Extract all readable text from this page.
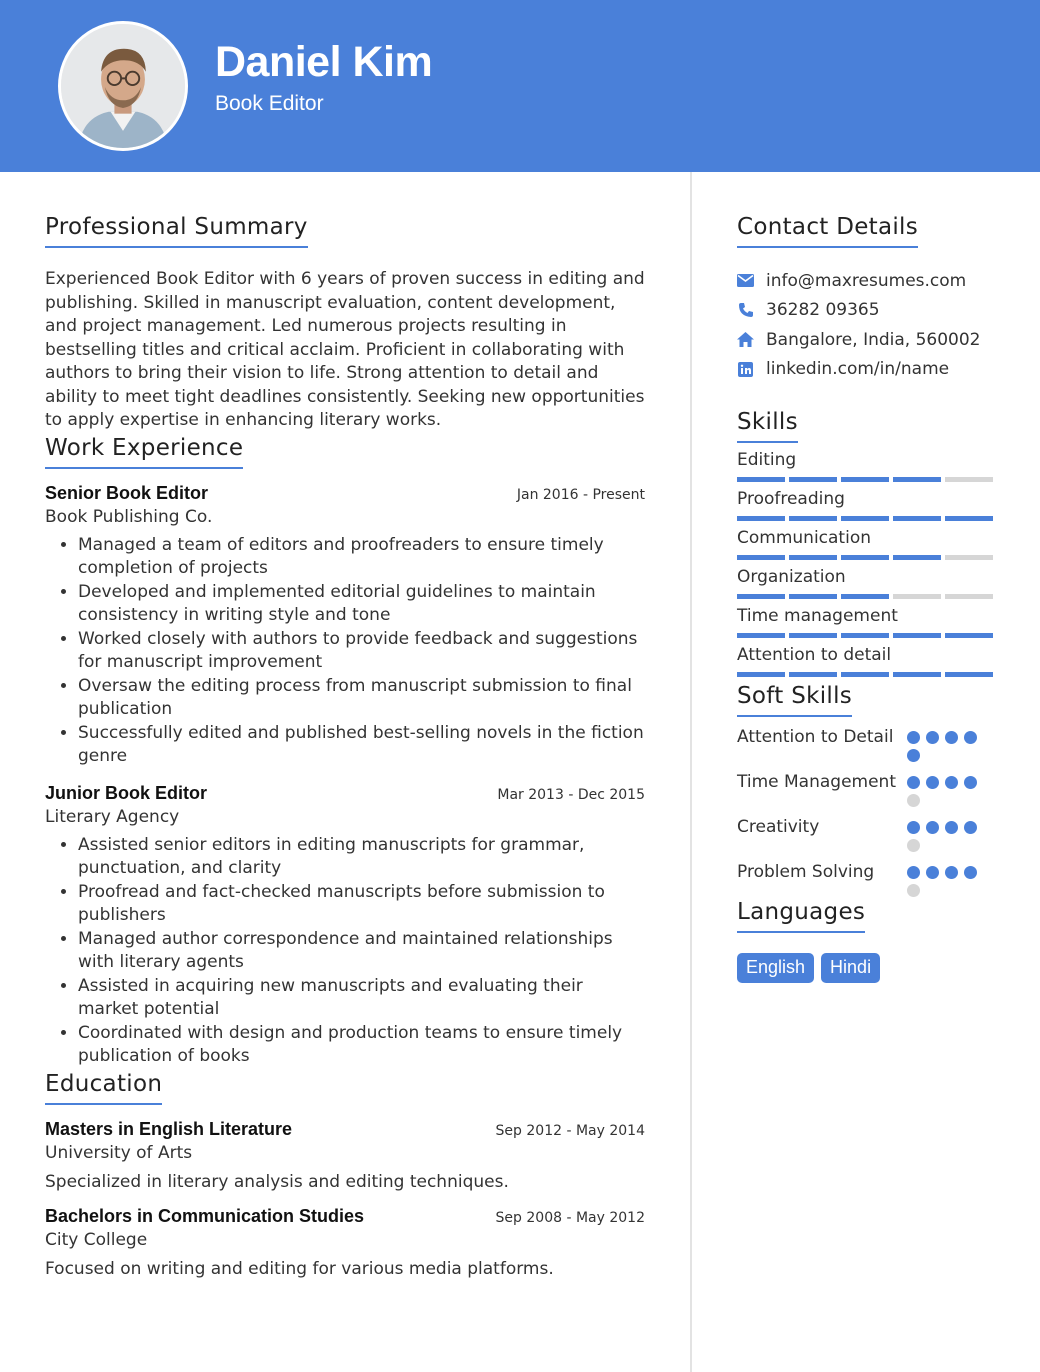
Daniel Kim
Book Editor
Professional Summary

Experienced Book Editor with 6 years of proven success in editing and publishing. Skilled in manuscript evaluation, content development, and project management. Led numerous projects resulting in bestselling titles and critical acclaim. Proficient in collaborating with authors to bring their vision to life. Strong attention to detail and ability to meet tight deadlines consistently. Seeking new opportunities to apply expertise in enhancing literary works.

Work Experience
Senior Book Editor	Jan 2016 - Present
Book Publishing Co.
• Managed a team of editors and proofreaders to ensure timely completion of projects
• Developed and implemented editorial guidelines to maintain consistency in writing style and tone
• Worked closely with authors to provide feedback and suggestions for manuscript improvement
• Oversaw the editing process from manuscript submission to final publication
• Successfully edited and published best-selling novels in the fiction genre
Junior Book Editor	Mar 2013 - Dec 2015
Literary Agency
• Assisted senior editors in editing manuscripts for grammar, punctuation, and clarity
• Proofread and fact-checked manuscripts before submission to publishers
• Managed author correspondence and maintained relationships with literary agents
• Assisted in acquiring new manuscripts and evaluating their market potential
• Coordinated with design and production teams to ensure timely publication of books
Education
Masters in English Literature	Sep 2012 - May 2014
University of Arts
Specialized in literary analysis and editing techniques.
Bachelors in Communication Studies	Sep 2008 - May 2012
City College
Focused on writing and editing for various media platforms.
Contact Details
info@maxresumes.com
36282 09365
Bangalore, India, 560002
linkedin.com/in/name
Skills
Editing
Proofreading
Communication
Organization
Time management
Attention to detail
Soft Skills
Attention to Detail
Time Management
Creativity
Problem Solving
Languages
English	Hindi
